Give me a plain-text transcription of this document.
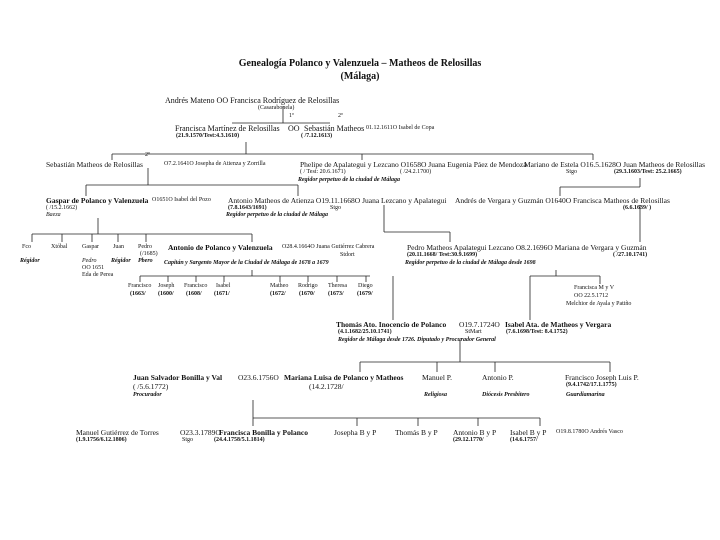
Genealogía Polanco y Valenzuela – Matheos de Relosillas
(Málaga)
Andrés Mateno OO Francisca Rodríguez de Relosillas
(Casarabonela)
1º	2º
Francisca Martínez de Relosillas OO Sebastián Matheos 01.12.1611O Isabel de Copa
(21.9.1570/Test:4.3.1610)	( /7.12.1613)
2º
Sebastián Matheos de Relosillas	O7.2.1641O Josepha de Atienza y Zorrilla	Phelipe de Apalategui y Lezcano O1658O Juana Eugenia Páez de Mendoza
( / Test: 20.6.1671)	( /24.2.1700)
Regidor perpetuo de la ciudad de Málaga
Mariano de Estela O16.5.1628O Juan Matheos de Relosillas
Stgo	(29.3.1603/Test: 25.2.1665)
Gaspar de Polanco y Valenzuela O1651O Isabel del Pozo
( /15.2.1662)
Baeza
Antonio Matheos de Atienza O19.11.1668O Juana Lezcano y Apalategui
(7.8.1643/1691)	Stgo
Regidor perpetuo de la ciudad de Málaga
Andrés de Vergara y Guzmán O1640O Francisca Matheos de Relosillas
(6.6.1639/ )
Fco	Xtóbal Gaspar Juan Pedro
(/1685)
Régidor	Pedro Régidor Pbero
OO 1651
Eda de Perea
Antonio de Polanco y Valenzuela O28.4.1664O Juana Gutiérrez Cabrera
Stdort
Capitán y Sargento Mayor de la Ciudad de Málaga de 1678 a 1679
Pedro Matheos Apalategui Lezcano O8.2.1696O Mariana de Vergara y Guzmán
(20.11.1668/ Test:30.9.1699)	( /27.10.1741)
Regidor perpetuo de la ciudad de Málaga desde 1698
Francisco
(1663/
Joseph
(1600/
Francisco
(1608/
Isabel
(1671/
Matheo
(1672/
Rodrigo
(1670/
Theresa
(1673/
Diego
(1679/
Francisca M y V
OO 22.5.1712
Melchior de Ayala y Patiño
Thomás Ato. Inocencio de Polanco O19.7.1724O Isabel Ata. de Matheos y Vergara
(4.1.1682/25.10.1741)	StMart	(7.6.1698/Test: 8.4.1752)
Regidor de Málaga desde 1726. Diputado y Procurador General
Juan Salvador Bonilla y Val O23.6.1756O Mariana Luisa de Polanco y Matheos
( /5.6.1772)	(14.2.1728/
Procurador
Manuel P.
Religiosa
Antonio P.
Diócesis Presbítero
Francisco Joseph Luis P.
(9.4.1742/17.1.1775)
Guardiamarina
Manuel Gutiérrez de Torres	O23.3.1789O
Francisca Bonilla y Polanco
(1.9.1756/6.12.1806)	Stgo	(24.4.1758/5.1.1814)
Josepha B y P Thomás B y P Antonio B y P
(29.12.1770/
Isabel B y P O19.8.1780O Andrés Vasco
(14.6.1757/
